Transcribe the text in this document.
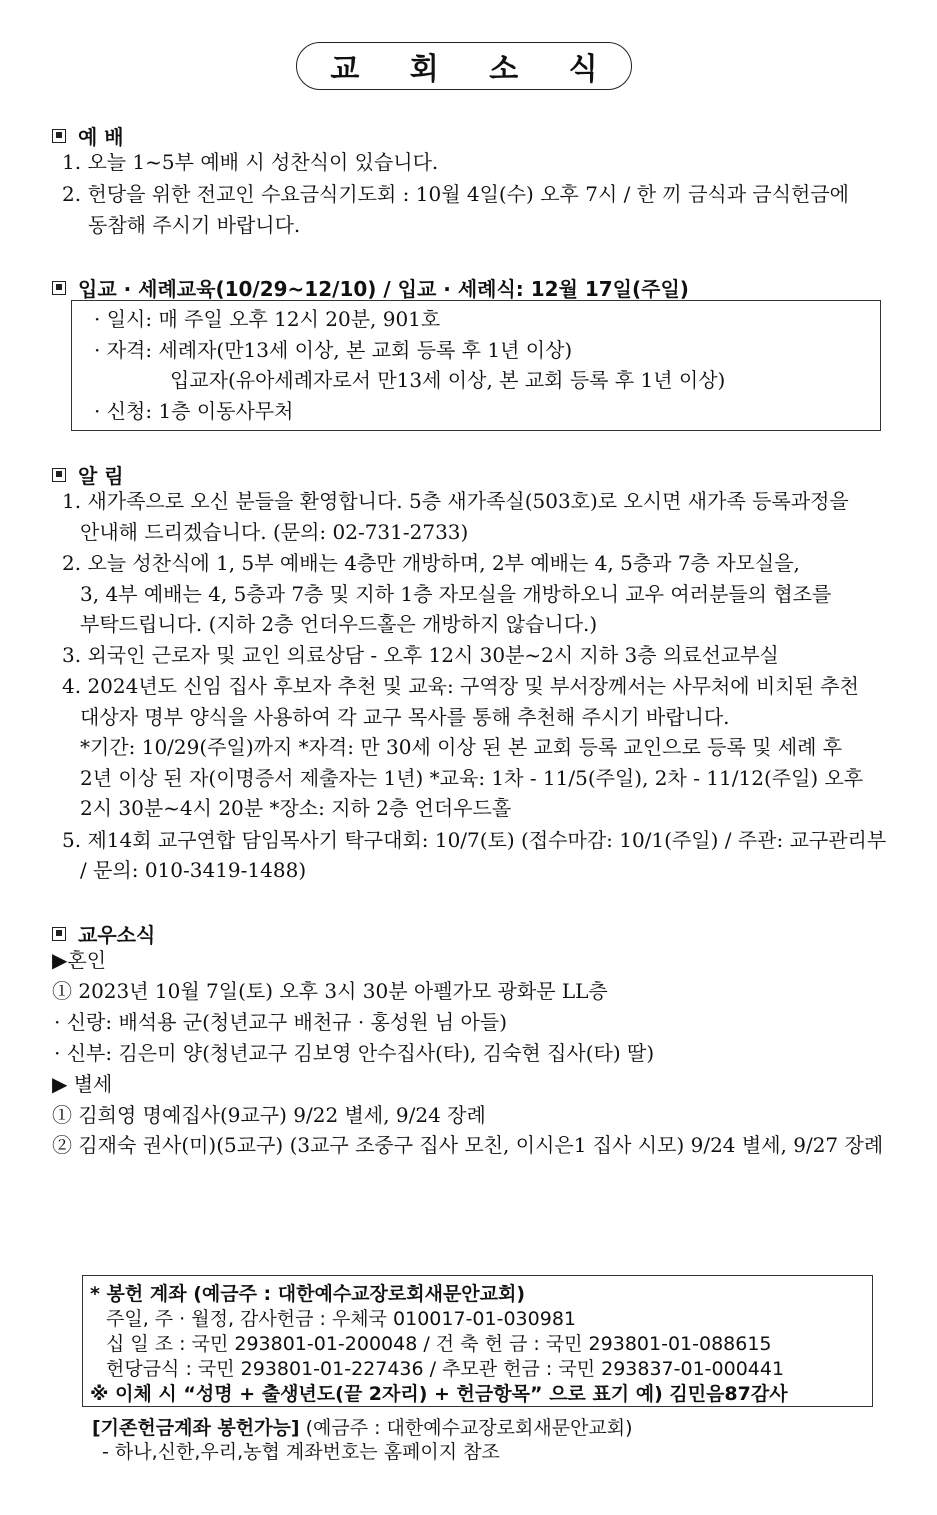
교 회 소 식
예 배
1. 오늘 1~5부 예배 시 성찬식이 있습니다.
2. 헌당을 위한 전교인 수요금식기도회 : 10월 4일(수) 오후 7시 / 한 끼 금식과 금식헌금에
동참해 주시기 바랍니다.
입교 · 세례교육(10/29~12/10) / 입교 · 세례식: 12월 17일(주일)
· 일시: 매 주일 오후 12시 20분, 901호
· 자격: 세례자(만13세 이상, 본 교회 등록 후 1년 이상)
입교자(유아세례자로서 만13세 이상, 본 교회 등록 후 1년 이상)
· 신청: 1층 이동사무처
알 림
1. 새가족으로 오신 분들을 환영합니다. 5층 새가족실(503호)로 오시면 새가족 등록과정을
안내해 드리겠습니다. (문의: 02-731-2733)
2. 오늘 성찬식에 1, 5부 예배는 4층만 개방하며, 2부 예배는 4, 5층과 7층 자모실을,
3, 4부 예배는 4, 5층과 7층 및 지하 1층 자모실을 개방하오니 교우 여러분들의 협조를
부탁드립니다. (지하 2층 언더우드홀은 개방하지 않습니다.)
3. 외국인 근로자 및 교인 의료상담 - 오후 12시 30분~2시 지하 3층 의료선교부실
4. 2024년도 신임 집사 후보자 추천 및 교육: 구역장 및 부서장께서는 사무처에 비치된 추천
대상자 명부 양식을 사용하여 각 교구 목사를 통해 추천해 주시기 바랍니다.
*기간: 10/29(주일)까지 *자격: 만 30세 이상 된 본 교회 등록 교인으로 등록 및 세례 후
2년 이상 된 자(이명증서 제출자는 1년) *교육: 1차 - 11/5(주일), 2차 - 11/12(주일) 오후
2시 30분~4시 20분 *장소: 지하 2층 언더우드홀
5. 제14회 교구연합 담임목사기 탁구대회: 10/7(토) (접수마감: 10/1(주일) / 주관: 교구관리부
/ 문의: 010-3419-1488)
교우소식
▶혼인
① 2023년 10월 7일(토) 오후 3시 30분 아펠가모 광화문 LL층
· 신랑: 배석용 군(청년교구 배천규 · 홍성원 님 아들)
· 신부: 김은미 양(청년교구 김보영 안수집사(타), 김숙현 집사(타) 딸)
▶ 별세
① 김희영 명예집사(9교구) 9/22 별세, 9/24 장례
② 김재숙 권사(미)(5교구) (3교구 조중구 집사 모친, 이시은1 집사 시모) 9/24 별세, 9/27 장례
* 봉헌 계좌 (예금주 : 대한예수교장로회새문안교회)
주일, 주 · 월정, 감사헌금 : 우체국 010017-01-030981
십 일 조 : 국민 293801-01-200048 / 건 축 헌 금 : 국민 293801-01-088615
헌당금식 : 국민 293801-01-227436 / 추모관 헌금 : 국민 293837-01-000441
※ 이체 시 “성명 + 출생년도(끝 2자리) + 헌금항목” 으로 표기 예) 김민음87감사
[기존헌금계좌 봉헌가능] (예금주 : 대한예수교장로회새문안교회)
- 하나,신한,우리,농협 계좌번호는 홈페이지 참조
